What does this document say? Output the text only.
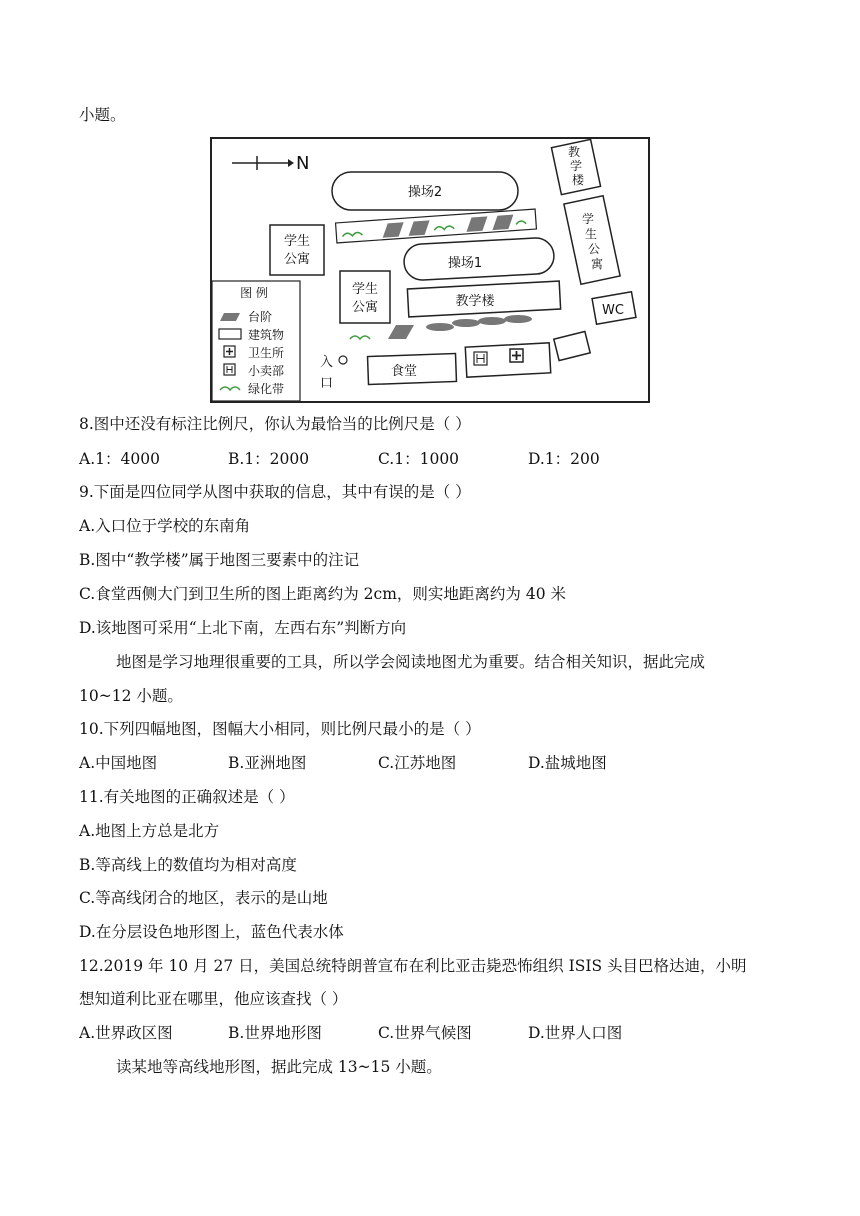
小题。
N
操场2
操场1
学生
公寓
学生
公寓	教学楼
教
学
楼
学
生
公
寓
WC
图 例
台阶
建筑物
卫生所
小卖部
绿化带
入
口
食堂
8.图中还没有标注比例尺，你认为最恰当的比例尺是（ ）
A.1：4000	B.1：2000	C.1：1000	D.1：200
9.下面是四位同学从图中获取的信息，其中有误的是（ ）
A.入口位于学校的东南角
B.图中“教学楼”属于地图三要素中的注记
C.食堂西侧大门到卫生所的图上距离约为 2cm，则实地距离约为 40 米
D.该地图可采用“上北下南，左西右东”判断方向
地图是学习地理很重要的工具，所以学会阅读地图尤为重要。结合相关知识，据此完成
10~12 小题。
10.下列四幅地图，图幅大小相同，则比例尺最小的是（ ）
A.中国地图	B.亚洲地图	C.江苏地图	D.盐城地图
11.有关地图的正确叙述是（ ）
A.地图上方总是北方
B.等高线上的数值均为相对高度
C.等高线闭合的地区，表示的是山地
D.在分层设色地形图上，蓝色代表水体
12.2019 年 10 月 27 日，美国总统特朗普宣布在利比亚击毙恐怖组织 ISIS 头目巴格达迪，小明
想知道利比亚在哪里，他应该查找（ ）
A.世界政区图	B.世界地形图	C.世界气候图	D.世界人口图
读某地等高线地形图，据此完成 13~15 小题。
